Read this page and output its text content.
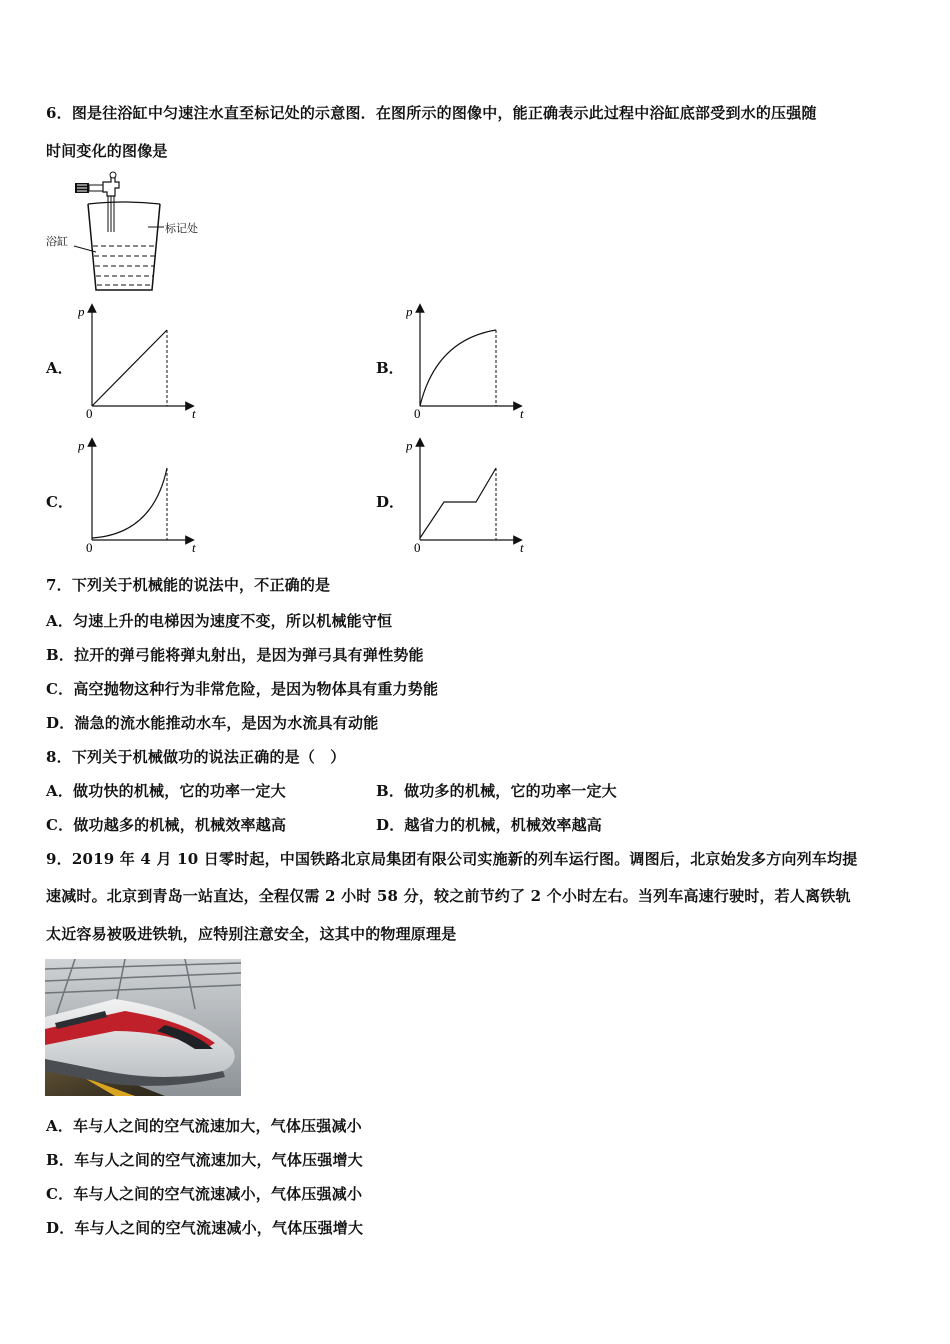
6．图是往浴缸中匀速注水直至标记处的示意图．在图所示的图像中，能正确表示此过程中浴缸底部受到水的压强随
时间变化的图像是
标记处
浴缸
A．	B．
C．	D．
p
0	t
p
0	t
p
0	t
p
0	t
7．下列关于机械能的说法中，不正确的是
A．匀速上升的电梯因为速度不变，所以机械能守恒
B．拉开的弹弓能将弹丸射出，是因为弹弓具有弹性势能
C．高空抛物这种行为非常危险，是因为物体具有重力势能
D．湍急的流水能推动水车，是因为水流具有动能
8．下列关于机械做功的说法正确的是（　）
A．做功快的机械，它的功率一定大	B．做功多的机械，它的功率一定大
C．做功越多的机械，机械效率越高	D．越省力的机械，机械效率越高
9．2019 年 4 月 10 日零时起，中国铁路北京局集团有限公司实施新的列车运行图。调图后，北京始发多方向列车均提
速减时。北京到青岛一站直达，全程仅需 2 小时 58 分，较之前节约了 2 个小时左右。当列车高速行驶时，若人离铁轨
太近容易被吸进铁轨，应特别注意安全，这其中的物理原理是
A．车与人之间的空气流速加大，气体压强减小
B．车与人之间的空气流速加大，气体压强增大
C．车与人之间的空气流速减小，气体压强减小
D．车与人之间的空气流速减小，气体压强增大
